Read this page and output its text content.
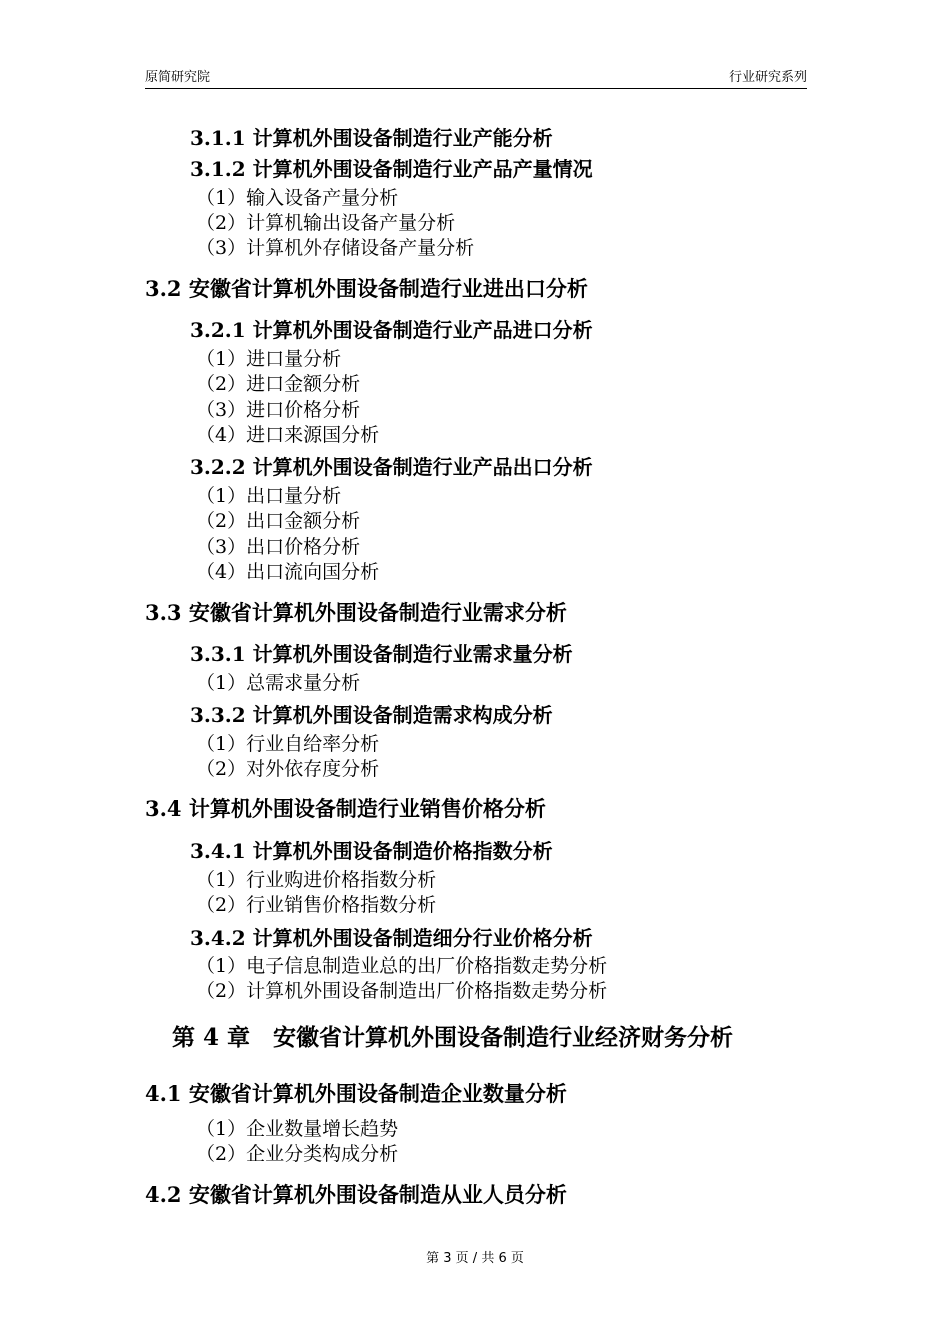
原简研究院	行业研究系列
3.1.1 计算机外围设备制造行业产能分析
3.1.2 计算机外围设备制造行业产品产量情况
（1）输入设备产量分析
（2）计算机输出设备产量分析
（3）计算机外存储设备产量分析
3.2 安徽省计算机外围设备制造行业进出口分析
3.2.1 计算机外围设备制造行业产品进口分析
（1）进口量分析
（2）进口金额分析
（3）进口价格分析
（4）进口来源国分析
3.2.2 计算机外围设备制造行业产品出口分析
（1）出口量分析
（2）出口金额分析
（3）出口价格分析
（4）出口流向国分析
3.3 安徽省计算机外围设备制造行业需求分析
3.3.1 计算机外围设备制造行业需求量分析
（1）总需求量分析
3.3.2 计算机外围设备制造需求构成分析
（1）行业自给率分析
（2）对外依存度分析
3.4 计算机外围设备制造行业销售价格分析
3.4.1 计算机外围设备制造价格指数分析
（1）行业购进价格指数分析
（2）行业销售价格指数分析
3.4.2 计算机外围设备制造细分行业价格分析
（1）电子信息制造业总的出厂价格指数走势分析
（2）计算机外围设备制造出厂价格指数走势分析
第 4 章　安徽省计算机外围设备制造行业经济财务分析
4.1 安徽省计算机外围设备制造企业数量分析
（1）企业数量增长趋势
（2）企业分类构成分析
4.2 安徽省计算机外围设备制造从业人员分析
第 3 页 / 共 6 页
